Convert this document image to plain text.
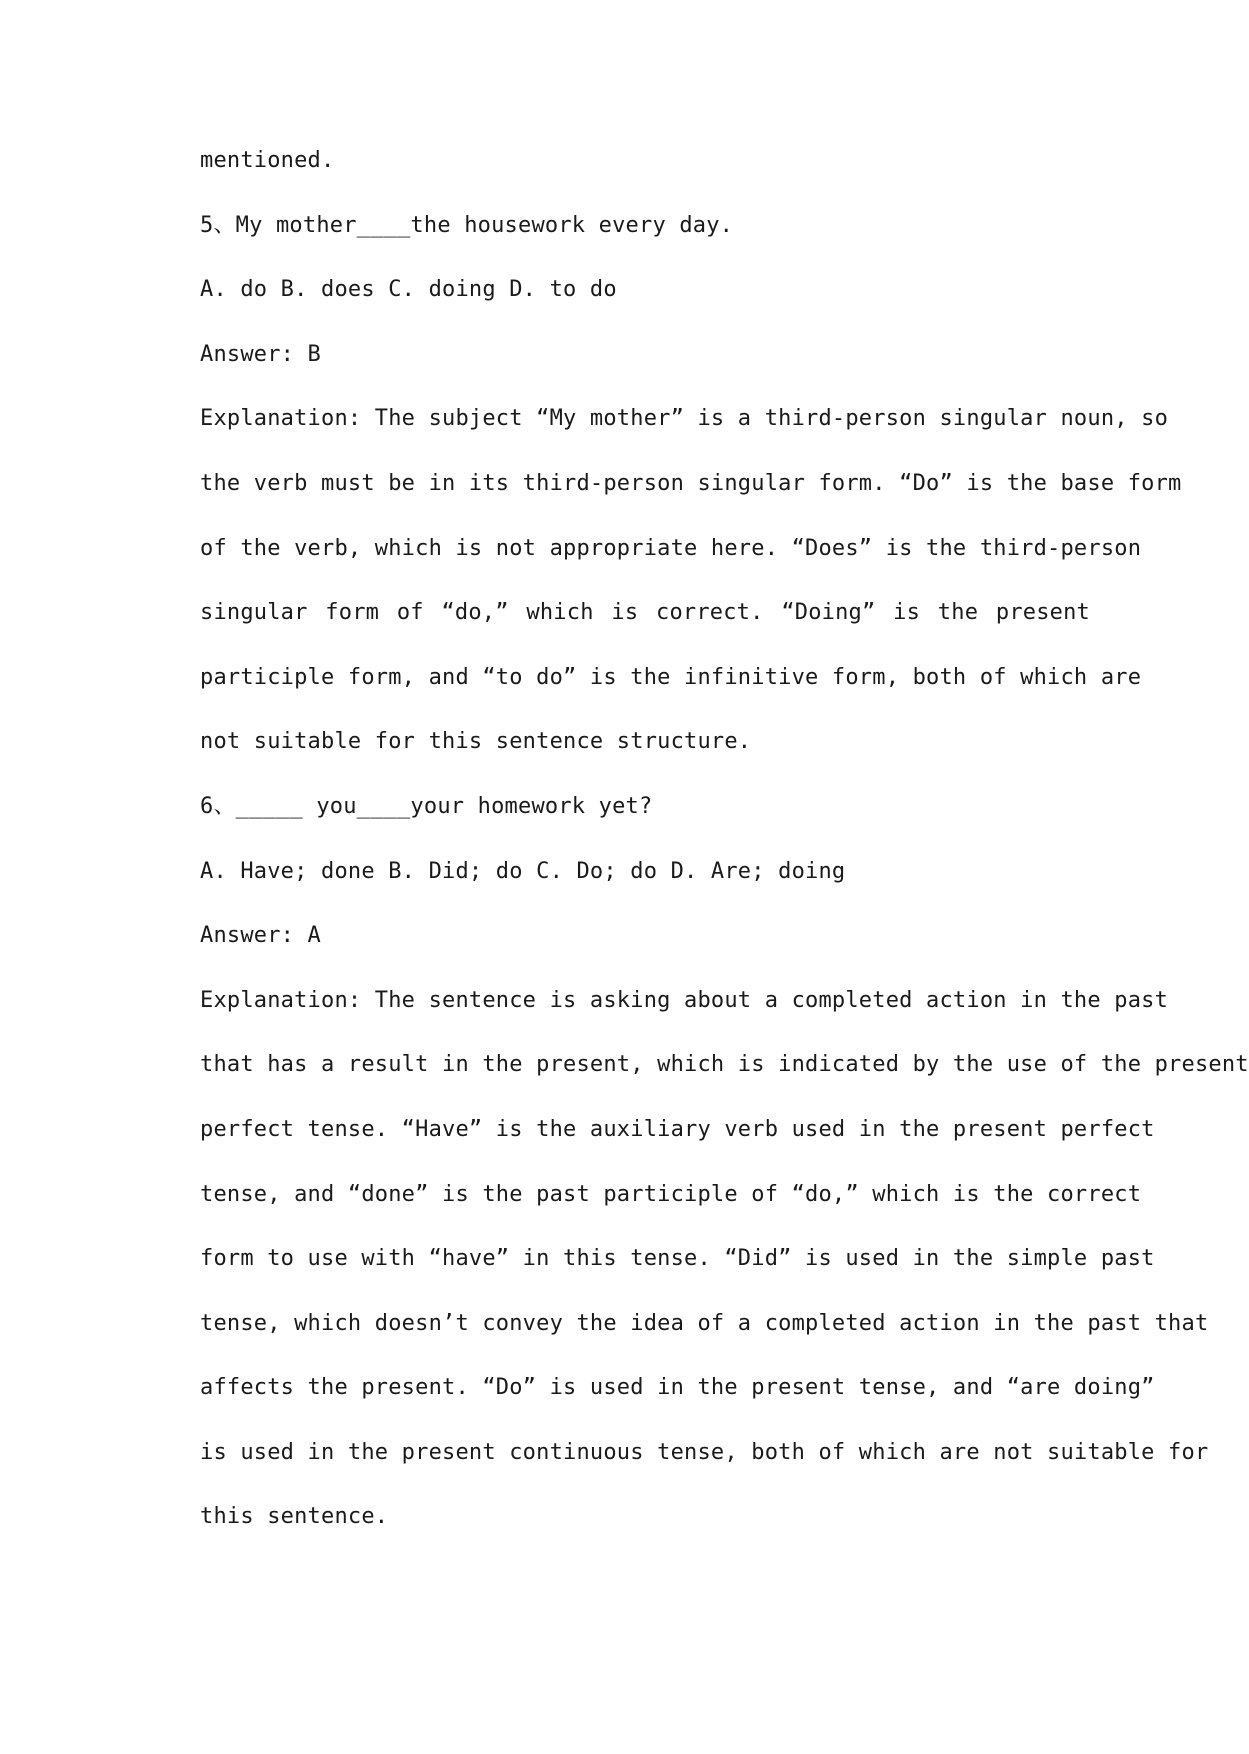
mentioned.
5、My mother____the housework every day.
A. do B. does C. doing D. to do
Answer: B
Explanation: The subject “My mother” is a third-person singular noun, so
the verb must be in its third-person singular form. “Do” is the base form
of the verb, which is not appropriate here. “Does” is the third-person
singular form of “do,” which is correct. “Doing” is the present
participle form, and “to do” is the infinitive form, both of which are
not suitable for this sentence structure.
6、_____ you____your homework yet?
A. Have; done B. Did; do C. Do; do D. Are; doing
Answer: A
Explanation: The sentence is asking about a completed action in the past
that has a result in the present, which is indicated by the use of the present
perfect tense. “Have” is the auxiliary verb used in the present perfect
tense, and “done” is the past participle of “do,” which is the correct
form to use with “have” in this tense. “Did” is used in the simple past
tense, which doesn’t convey the idea of a completed action in the past that
affects the present. “Do” is used in the present tense, and “are doing”
is used in the present continuous tense, both of which are not suitable for
this sentence.
